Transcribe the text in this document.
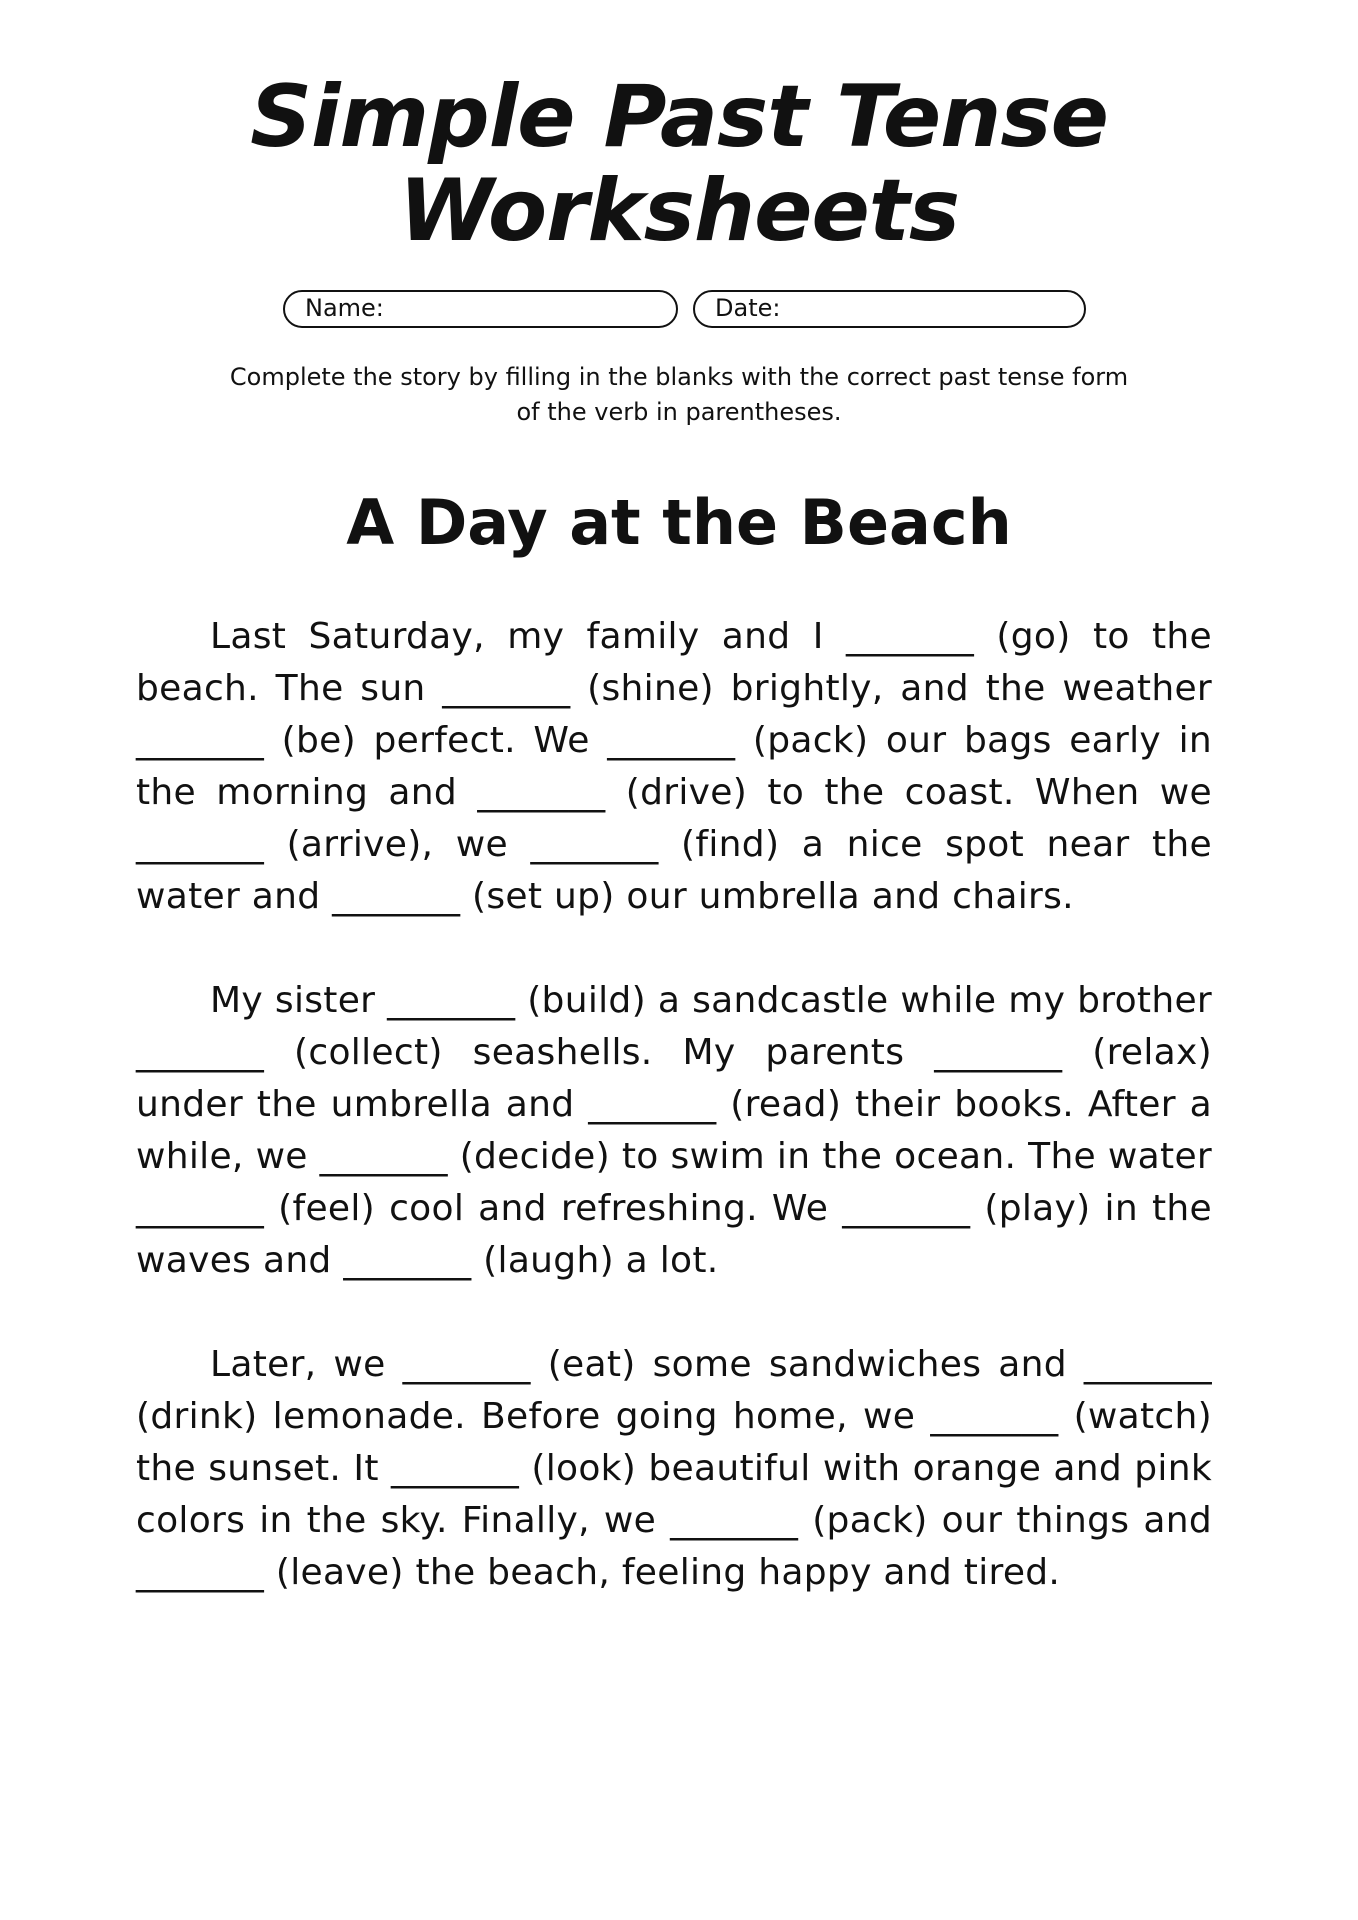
Simple Past Tense
Worksheets
Name:	Date:

Complete the story by filling in the blanks with the correct past tense form
of the verb in parentheses.

A Day at the Beach

Last Saturday, my family and I _______ (go) to the beach. The sun _______ (shine) brightly, and the weather _______ (be) perfect. We _______ (pack) our bags early in the morning and _______ (drive) to the coast. When we _______ (arrive), we _______ (find) a nice spot near the water and _______ (set up) our umbrella and chairs.

My sister _______ (build) a sandcastle while my brother _______ (collect) seashells. My parents _______ (relax) under the umbrella and _______ (read) their books. After a while, we _______ (decide) to swim in the ocean. The water _______ (feel) cool and refreshing. We _______ (play) in the waves and _______ (laugh) a lot.

Later, we _______ (eat) some sandwiches and _______ (drink) lemonade. Before going home, we _______ (watch) the sunset. It _______ (look) beautiful with orange and pink colors in the sky. Finally, we _______ (pack) our things and _______ (leave) the beach, feeling happy and tired.
